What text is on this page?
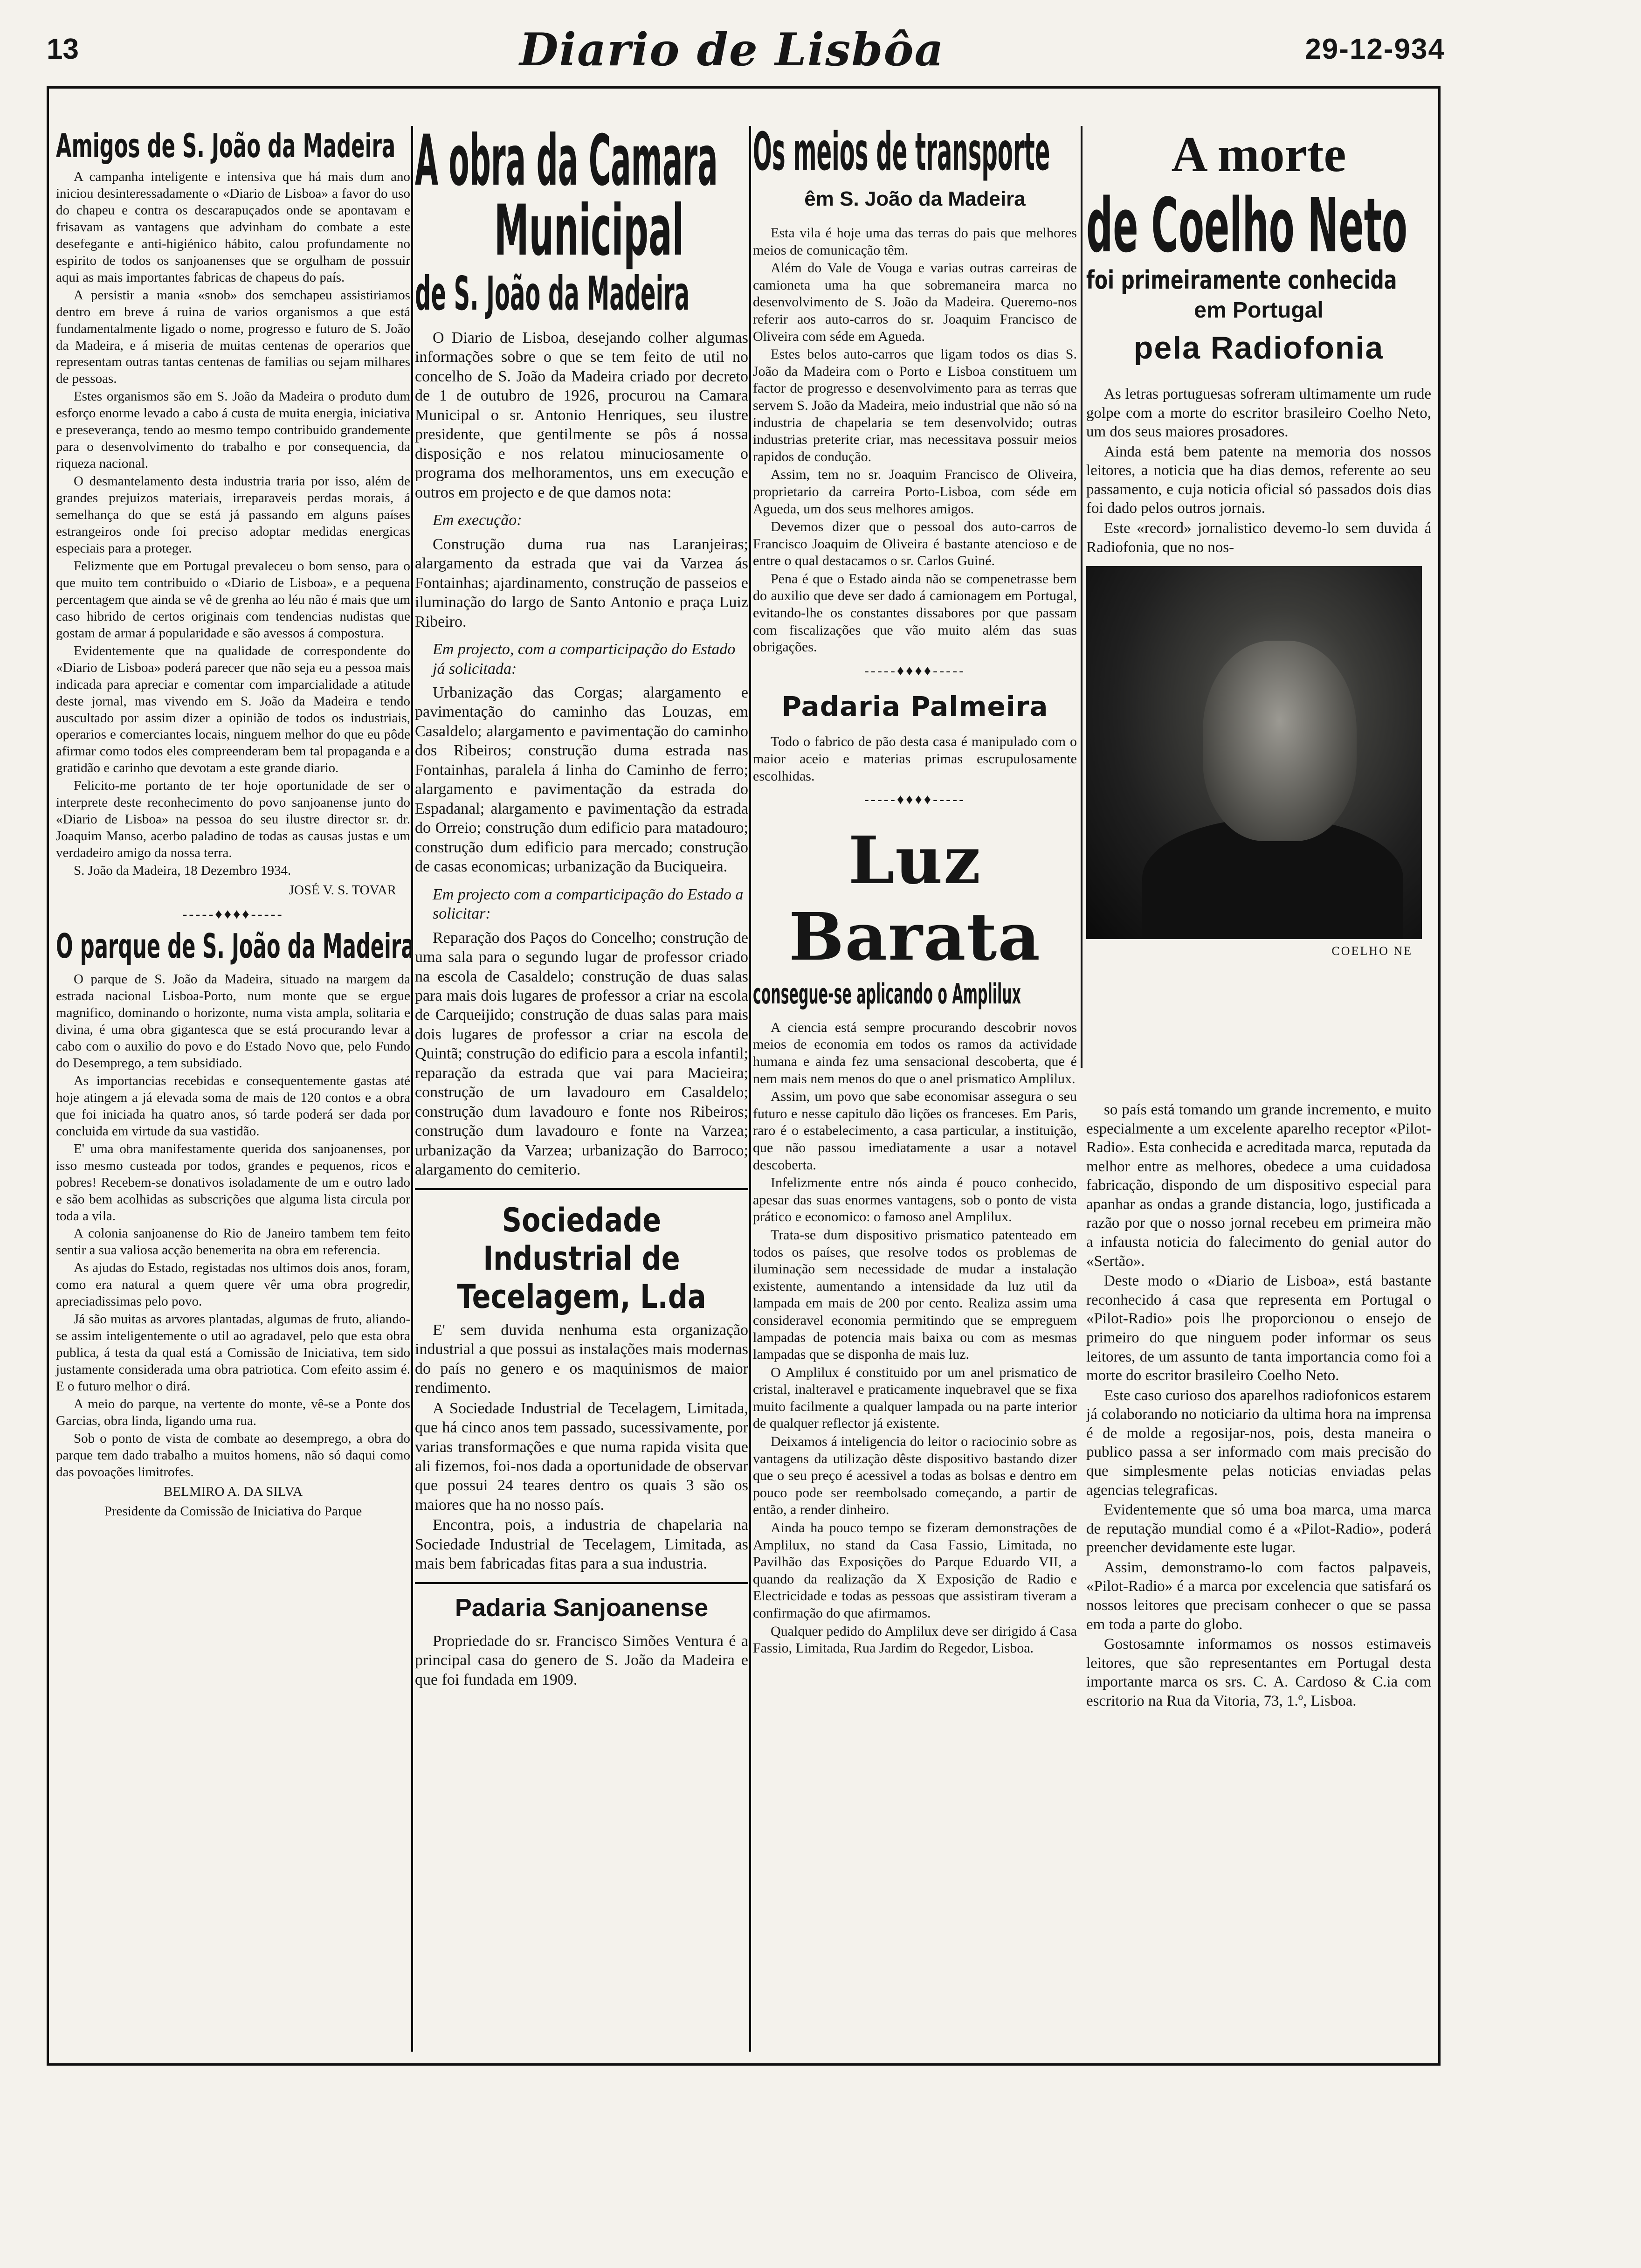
13	Diario de Lisbôa	29-12-934
Amigos de S. João da Madeira

A campanha inteligente e intensiva que há mais dum ano iniciou desinteressadamente o «Diario de Lisboa» a favor do uso do chapeu e contra os descarapuçados onde se apontavam e frisavam as vantagens que advinham do combate a este desefegante e anti-higiénico hábito, calou profundamente no espirito de todos os sanjoanenses que se orgulham de possuir aqui as mais importantes fabricas de chapeus do país.

A persistir a mania «snob» dos semchapeu assistiriamos dentro em breve á ruina de varios organismos a que está fundamentalmente ligado o nome, progresso e futuro de S. João da Madeira, e á miseria de muitas centenas de operarios que representam outras tantas centenas de familias ou sejam milhares de pessoas.

Estes organismos são em S. João da Madeira o produto dum esforço enorme levado a cabo á custa de muita energia, iniciativa e preseverança, tendo ao mesmo tempo contribuido grandemente para o desenvolvimento do trabalho e por consequencia, da riqueza nacional.

O desmantelamento desta industria traria por isso, além de grandes prejuizos materiais, irreparaveis perdas morais, á semelhança do que se está já passando em alguns países estrangeiros onde foi preciso adoptar medidas energicas especiais para a proteger.

Felizmente que em Portugal prevaleceu o bom senso, para o que muito tem contribuido o «Diario de Lisboa», e a pequena percentagem que ainda se vê de grenha ao léu não é mais que um caso hibrido de certos originais com tendencias nudistas que gostam de armar á popularidade e são avessos á compostura.

Evidentemente que na qualidade de correspondente do «Diario de Lisboa» poderá parecer que não seja eu a pessoa mais indicada para apreciar e comentar com imparcialidade a atitude deste jornal, mas vivendo em S. João da Madeira e tendo auscultado por assim dizer a opinião de todos os industriais, operarios e comerciantes locais, ninguem melhor do que eu pôde afirmar como todos eles compreenderam bem tal propaganda e a gratidão e carinho que devotam a este grande diario.

Felicito-me portanto de ter hoje oportunidade de ser o interprete deste reconhecimento do povo sanjoanense junto do «Diario de Lisboa» na pessoa do seu ilustre director sr. dr. Joaquim Manso, acerbo paladino de todas as causas justas e um verdadeiro amigo da nossa terra.

S. João da Madeira, 18 Dezembro 1934.

JOSÉ V. S. TOVAR
-----♦♦♦♦-----
O parque de S. João da Madeira

O parque de S. João da Madeira, situado na margem da estrada nacional Lisboa-Porto, num monte que se ergue magnifico, dominando o horizonte, numa vista ampla, solitaria e divina, é uma obra gigantesca que se está procurando levar a cabo com o auxilio do povo e do Estado Novo que, pelo Fundo do Desemprego, a tem subsidiado.

As importancias recebidas e consequentemente gastas até hoje atingem a já elevada soma de mais de 120 contos e a obra que foi iniciada ha quatro anos, só tarde poderá ser dada por concluida em virtude da sua vastidão.

E' uma obra manifestamente querida dos sanjoanenses, por isso mesmo custeada por todos, grandes e pequenos, ricos e pobres! Recebem-se donativos isoladamente de um e outro lado e são bem acolhidas as subscrições que alguma lista circula por toda a vila.

A colonia sanjoanense do Rio de Janeiro tambem tem feito sentir a sua valiosa acção benemerita na obra em referencia.

As ajudas do Estado, registadas nos ultimos dois anos, foram, como era natural a quem quere vêr uma obra progredir, apreciadissimas pelo povo.

Já são muitas as arvores plantadas, algumas de fruto, aliando-se assim inteligentemente o util ao agradavel, pelo que esta obra publica, á testa da qual está a Comissão de Iniciativa, tem sido justamente considerada uma obra patriotica. Com efeito assim é. E o futuro melhor o dirá.

A meio do parque, na vertente do monte, vê-se a Ponte dos Garcias, obra linda, ligando uma rua.

Sob o ponto de vista de combate ao desemprego, a obra do parque tem dado trabalho a muitos homens, não só daqui como das povoações limitrofes.

BELMIRO A. DA SILVA
Presidente da Comissão de Iniciativa do Parque
A obra da Camara
Municipal
de S. João da Madeira

O Diario de Lisboa, desejando colher algumas informações sobre o que se tem feito de util no concelho de S. João da Madeira criado por decreto de 1 de outubro de 1926, procurou na Camara Municipal o sr. Antonio Henriques, seu ilustre presidente, que gentilmente se pôs á nossa disposição e nos relatou minuciosamente o programa dos melhoramentos, uns em execução e outros em projecto e de que damos nota:

Em execução:

Construção duma rua nas Laranjeiras; alargamento da estrada que vai da Varzea ás Fontainhas; ajardinamento, construção de passeios e iluminação do largo de Santo Antonio e praça Luiz Ribeiro.

Em projecto, com a comparticipação do Estado já solicitada:

Urbanização das Corgas; alargamento e pavimentação do caminho das Louzas, em Casaldelo; alargamento e pavimentação do caminho dos Ribeiros; construção duma estrada nas Fontainhas, paralela á linha do Caminho de ferro; alargamento e pavimentação da estrada do Espadanal; alargamento e pavimentação da estrada do Orreio; construção dum edificio para matadouro; construção dum edificio para mercado; construção de casas economicas; urbanização da Buciqueira.

Em projecto com a comparticipação do Estado a solicitar:

Reparação dos Paços do Concelho; construção de uma sala para o segundo lugar de professor criado na escola de Casaldelo; construção de duas salas para mais dois lugares de professor a criar na escola de Carqueijido; construção de duas salas para mais dois lugares de professor a criar na escola de Quintã; construção do edificio para a escola infantil; reparação da estrada que vai para Macieira; construção de um lavadouro em Casaldelo; construção dum lavadouro e fonte nos Ribeiros; construção dum lavadouro e fonte na Varzea; urbanização da Varzea; urbanização do Barroco; alargamento do cemiterio.

Sociedade Industrial de Tecelagem, L.da

E' sem duvida nenhuma esta organização industrial a que possui as instalações mais modernas do país no genero e os maquinismos de maior rendimento.

A Sociedade Industrial de Tecelagem, Limitada, que há cinco anos tem passado, sucessivamente, por varias transformações e que numa rapida visita que ali fizemos, foi-nos dada a oportunidade de observar que possui 24 teares dentro os quais 3 são os maiores que ha no nosso país.

Encontra, pois, a industria de chapelaria na Sociedade Industrial de Tecelagem, Limitada, as mais bem fabricadas fitas para a sua industria.

Padaria Sanjoanense

Propriedade do sr. Francisco Simões Ventura é a principal casa do genero de S. João da Madeira e que foi fundada em 1909.

Os meios de transporte
êm S. João da Madeira

Esta vila é hoje uma das terras do pais que melhores meios de comunicação têm.

Além do Vale de Vouga e varias outras carreiras de camioneta uma ha que sobremaneira marca no desenvolvimento de S. João da Madeira. Queremo-nos referir aos auto-carros do sr. Joaquim Francisco de Oliveira com séde em Agueda.

Estes belos auto-carros que ligam todos os dias S. João da Madeira com o Porto e Lisboa constituem um factor de progresso e desenvolvimento para as terras que servem S. João da Madeira, meio industrial que não só na industria de chapelaria se tem desenvolvido; outras industrias preterite criar, mas necessitava possuir meios rapidos de condução.

Assim, tem no sr. Joaquim Francisco de Oliveira, proprietario da carreira Porto-Lisboa, com séde em Agueda, um dos seus melhores amigos.

Devemos dizer que o pessoal dos auto-carros de Francisco Joaquim de Oliveira é bastante atencioso e de entre o qual destacamos o sr. Carlos Guiné.

Pena é que o Estado ainda não se compenetrasse bem do auxilio que deve ser dado á camionagem em Portugal, evitando-lhe os constantes dissabores por que passam com fiscalizações que vão muito além das suas obrigações.

-----♦♦♦♦-----
Padaria Palmeira

Todo o fabrico de pão desta casa é manipulado com o maior aceio e materias primas escrupulosamente escolhidas.

-----♦♦♦♦-----
Luz Barata
consegue-se aplicando o Amplilux

A ciencia está sempre procurando descobrir novos meios de economia em todos os ramos da actividade humana e ainda fez uma sensacional descoberta, que é nem mais nem menos do que o anel prismatico Amplilux.

Assim, um povo que sabe economisar assegura o seu futuro e nesse capitulo dão lições os franceses. Em Paris, raro é o estabelecimento, a casa particular, a instituição, que não passou imediatamente a usar a notavel descoberta.

Infelizmente entre nós ainda é pouco conhecido, apesar das suas enormes vantagens, sob o ponto de vista prático e economico: o famoso anel Amplilux.

Trata-se dum dispositivo prismatico patenteado em todos os países, que resolve todos os problemas de iluminação sem necessidade de mudar a instalação existente, aumentando a intensidade da luz util da lampada em mais de 200 por cento. Realiza assim uma consideravel economia permitindo que se empreguem lampadas de potencia mais baixa ou com as mesmas lampadas que se disponha de mais luz.

O Amplilux é constituido por um anel prismatico de cristal, inalteravel e praticamente inquebravel que se fixa muito facilmente a qualquer lampada ou na parte interior de qualquer reflector já existente.

Deixamos á inteligencia do leitor o raciocinio sobre as vantagens da utilização dêste dispositivo bastando dizer que o seu preço é acessivel a todas as bolsas e dentro em pouco pode ser reembolsado começando, a partir de então, a render dinheiro.

Ainda ha pouco tempo se fizeram demonstrações de Amplilux, no stand da Casa Fassio, Limitada, no Pavilhão das Exposições do Parque Eduardo VII, a quando da realização da X Exposição de Radio e Electricidade e todas as pessoas que assistiram tiveram a confirmação do que afirmamos.

Qualquer pedido do Amplilux deve ser dirigido á Casa Fassio, Limitada, Rua Jardim do Regedor, Lisboa.

A morte
de Coelho Neto
foi primeiramente conhecida
em Portugal
pela Radiofonia

As letras portuguesas sofreram ultimamente um rude golpe com a morte do escritor brasileiro Coelho Neto, um dos seus maiores prosadores.

Ainda está bem patente na memoria dos nossos leitores, a noticia que ha dias demos, referente ao seu passamento, e cuja noticia oficial só passados dois dias foi dado pelos outros jornais.

Este «record» jornalistico devemo-lo sem duvida á Radiofonia, que no nos-

COELHO NE

so país está tomando um grande incremento, e muito especialmente a um excelente aparelho receptor «Pilot-Radio». Esta conhecida e acreditada marca, reputada da melhor entre as melhores, obedece a uma cuidadosa fabricação, dispondo de um dispositivo especial para apanhar as ondas a grande distancia, logo, justificada a razão por que o nosso jornal recebeu em primeira mão a infausta noticia do falecimento do genial autor do «Sertão».

Deste modo o «Diario de Lisboa», está bastante reconhecido á casa que representa em Portugal o «Pilot-Radio» pois lhe proporcionou o ensejo de primeiro do que ninguem poder informar os seus leitores, de um assunto de tanta importancia como foi a morte do escritor brasileiro Coelho Neto.

Este caso curioso dos aparelhos radiofonicos estarem já colaborando no noticiario da ultima hora na imprensa é de molde a regosijar-nos, pois, desta maneira o publico passa a ser informado com mais precisão do que simplesmente pelas noticias enviadas pelas agencias telegraficas.

Evidentemente que só uma boa marca, uma marca de reputação mundial como é a «Pilot-Radio», poderá preencher devidamente este lugar.

Assim, demonstramo-lo com factos palpaveis, «Pilot-Radio» é a marca por excelencia que satisfará os nossos leitores que precisam conhecer o que se passa em toda a parte do globo.

Gostosamnte informamos os nossos estimaveis leitores, que são representantes em Portugal desta importante marca os srs. C. A. Cardoso & C.ia com escritorio na Rua da Vitoria, 73, 1.º, Lisboa.
